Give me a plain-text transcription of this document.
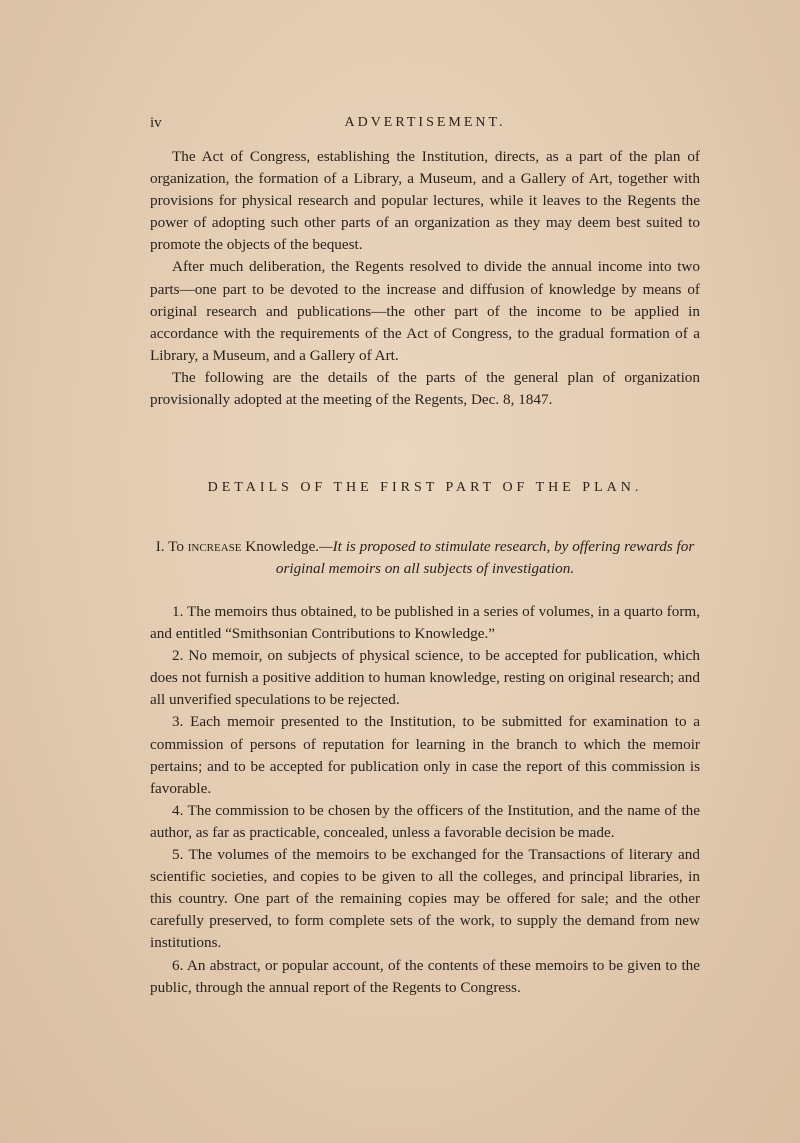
iv	ADVERTISEMENT.

The Act of Congress, establishing the Institution, directs, as a part of the plan of organization, the formation of a Library, a Museum, and a Gallery of Art, together with provisions for physical research and popular lectures, while it leaves to the Regents the power of adopting such other parts of an organization as they may deem best suited to promote the objects of the bequest.

After much deliberation, the Regents resolved to divide the annual income into two parts—one part to be devoted to the increase and diffusion of knowledge by means of original research and publications—the other part of the income to be applied in accordance with the requirements of the Act of Congress, to the gradual formation of a Library, a Museum, and a Gallery of Art.

The following are the details of the parts of the general plan of organization provisionally adopted at the meeting of the Regents, Dec. 8, 1847.

DETAILS OF THE FIRST PART OF THE PLAN.
I. To increase Knowledge.—It is proposed to stimulate research, by offering rewards for original memoirs on all subjects of investigation.

1. The memoirs thus obtained, to be published in a series of volumes, in a quarto form, and entitled “Smithsonian Contributions to Knowledge.”

2. No memoir, on subjects of physical science, to be accepted for publication, which does not furnish a positive addition to human knowledge, resting on original research; and all unverified speculations to be rejected.

3. Each memoir presented to the Institution, to be submitted for examination to a commission of persons of reputation for learning in the branch to which the memoir pertains; and to be accepted for publication only in case the report of this commission is favorable.

4. The commission to be chosen by the officers of the Institution, and the name of the author, as far as practicable, concealed, unless a favorable decision be made.

5. The volumes of the memoirs to be exchanged for the Transactions of literary and scientific societies, and copies to be given to all the colleges, and principal libraries, in this country. One part of the remaining copies may be offered for sale; and the other carefully preserved, to form complete sets of the work, to supply the demand from new institutions.

6. An abstract, or popular account, of the contents of these memoirs to be given to the public, through the annual report of the Regents to Congress.
